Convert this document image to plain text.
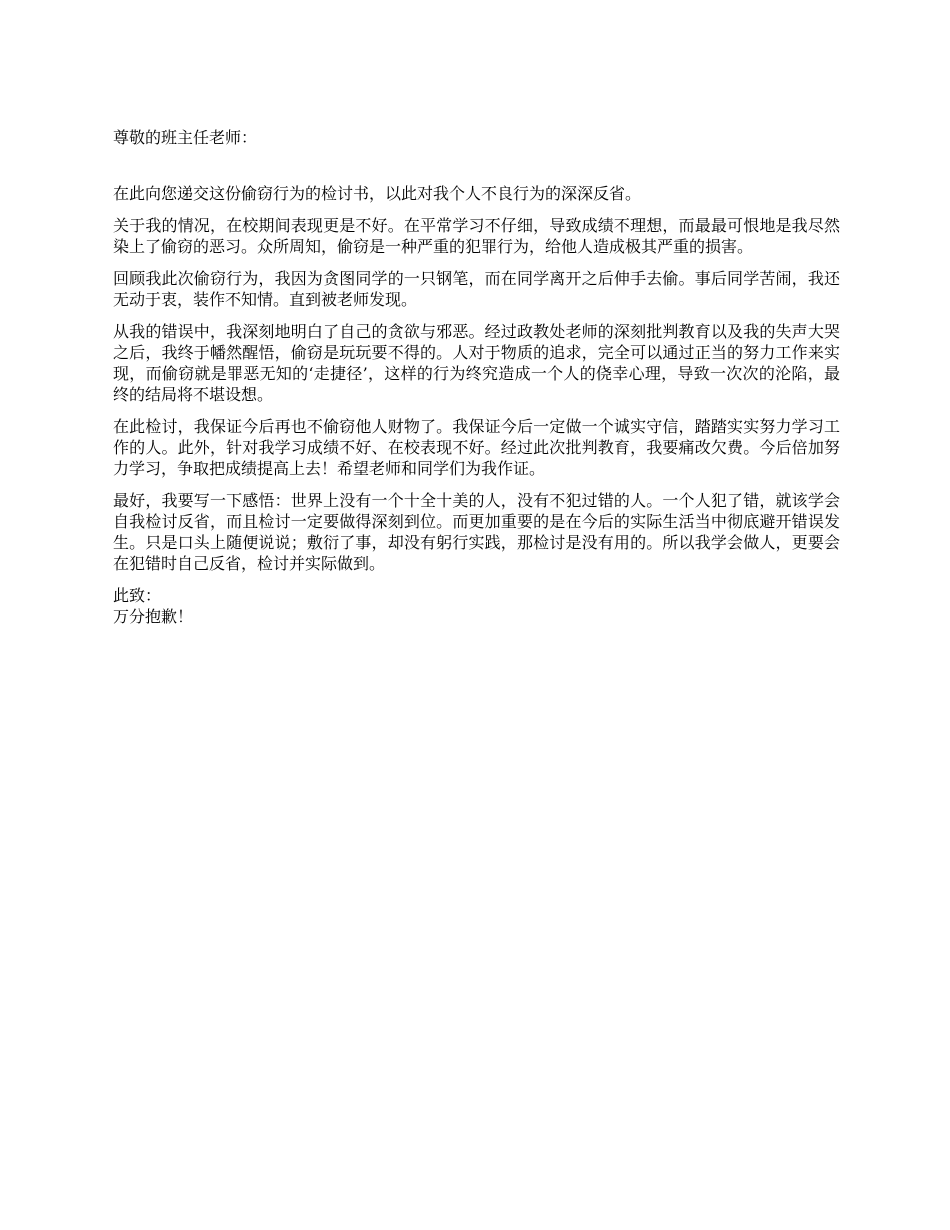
尊敬的班主任老师：

在此向您递交这份偷窃行为的检讨书，以此对我个人不良行为的深深反省。

关于我的情况，在校期间表现更是不好。在平常学习不仔细，导致成绩不理想，而最最可恨地是我尽然染上了偷窃的恶习。众所周知，偷窃是一种严重的犯罪行为，给他人造成极其严重的损害。

回顾我此次偷窃行为，我因为贪图同学的一只钢笔，而在同学离开之后伸手去偷。事后同学苦闹，我还无动于衷，装作不知情。直到被老师发现。

从我的错误中，我深刻地明白了自己的贪欲与邪恶。经过政教处老师的深刻批判教育以及我的失声大哭之后，我终于幡然醒悟，偷窃是玩玩要不得的。人对于物质的追求，完全可以通过正当的努力工作来实现，而偷窃就是罪恶无知的‘走捷径’，这样的行为终究造成一个人的侥幸心理，导致一次次的沦陷，最终的结局将不堪设想。

在此检讨，我保证今后再也不偷窃他人财物了。我保证今后一定做一个诚实守信，踏踏实实努力学习工作的人。此外，针对我学习成绩不好、在校表现不好。经过此次批判教育，我要痛改欠费。今后倍加努力学习，争取把成绩提高上去！希望老师和同学们为我作证。

最好，我要写一下感悟：世界上没有一个十全十美的人，没有不犯过错的人。一个人犯了错，就该学会自我检讨反省，而且检讨一定要做得深刻到位。而更加重要的是在今后的实际生活当中彻底避开错误发生。只是口头上随便说说；敷衍了事，却没有躬行实践，那检讨是没有用的。所以我学会做人，更要会在犯错时自己反省，检讨并实际做到。

此致：
万分抱歉！
